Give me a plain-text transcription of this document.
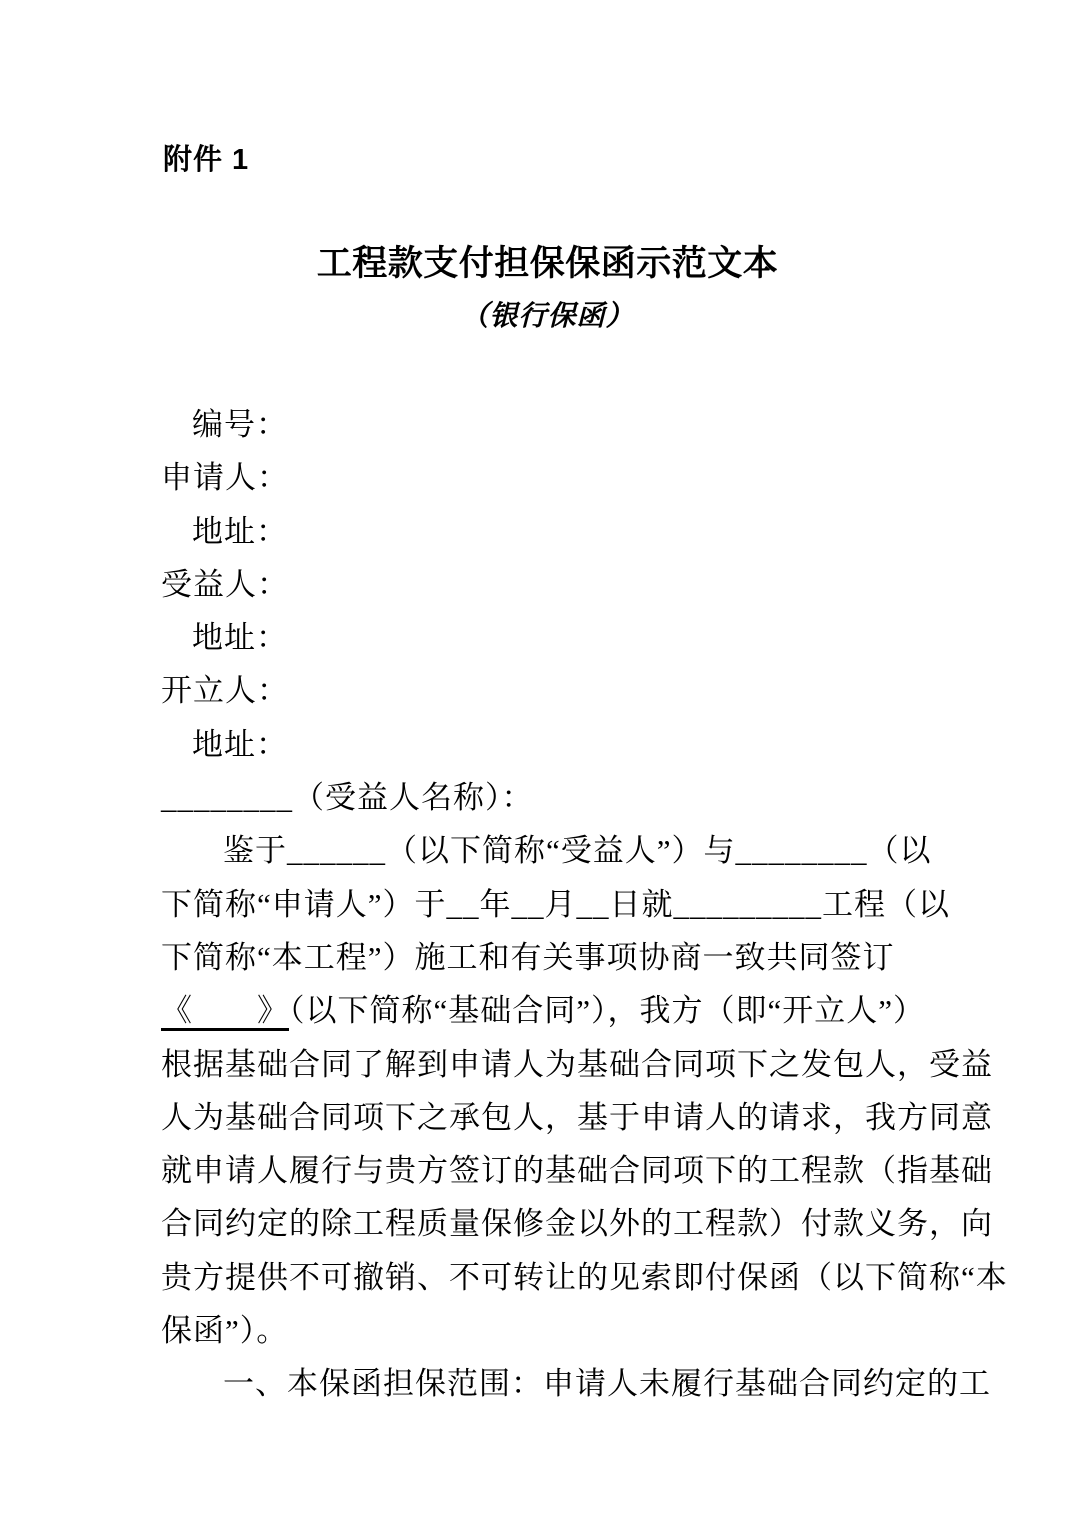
附件 1
工程款支付担保保函示范文本
（银行保函）
编号：
申请人：
地址：
受益人：
地址：
开立人：
地址：
________（受益人名称）：
鉴于______（以下简称“受益人”）与________（以
下简称“申请人”）于__年__月__日就_________工程（以
下简称“本工程”）施工和有关事项协商一致共同签订
《　　》（以下简称“基础合同”），我方（即“开立人”）
根据基础合同了解到申请人为基础合同项下之发包人，受益
人为基础合同项下之承包人，基于申请人的请求，我方同意
就申请人履行与贵方签订的基础合同项下的工程款（指基础
合同约定的除工程质量保修金以外的工程款）付款义务，向
贵方提供不可撤销、不可转让的见索即付保函（以下简称“本
保函”）。
一、本保函担保范围：申请人未履行基础合同约定的工
